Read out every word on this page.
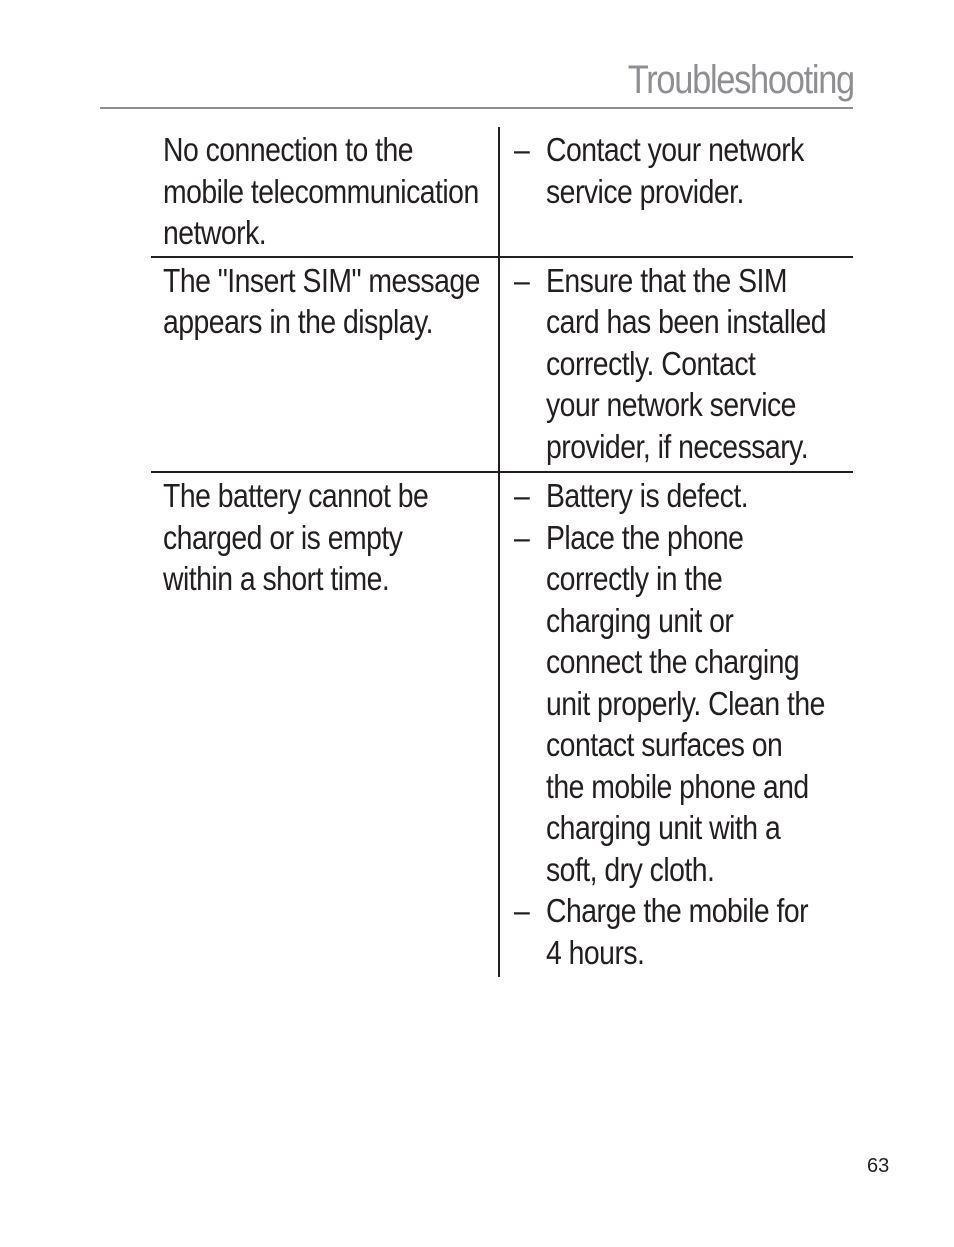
Troubleshooting
No connection to the
mobile telecommunication
network.
– Contact your network
service provider.
The "Insert SIM" message
appears in the display.
– Ensure that the SIM
card has been installed
correctly. Contact
your network service
provider, if necessary.
The battery cannot be
charged or is empty
within a short time.
– Battery is defect.
– Place the phone
correctly in the
charging unit or
connect the charging
unit properly. Clean the
contact surfaces on
the mobile phone and
charging unit with a
soft, dry cloth.
– Charge the mobile for
4 hours.
63
